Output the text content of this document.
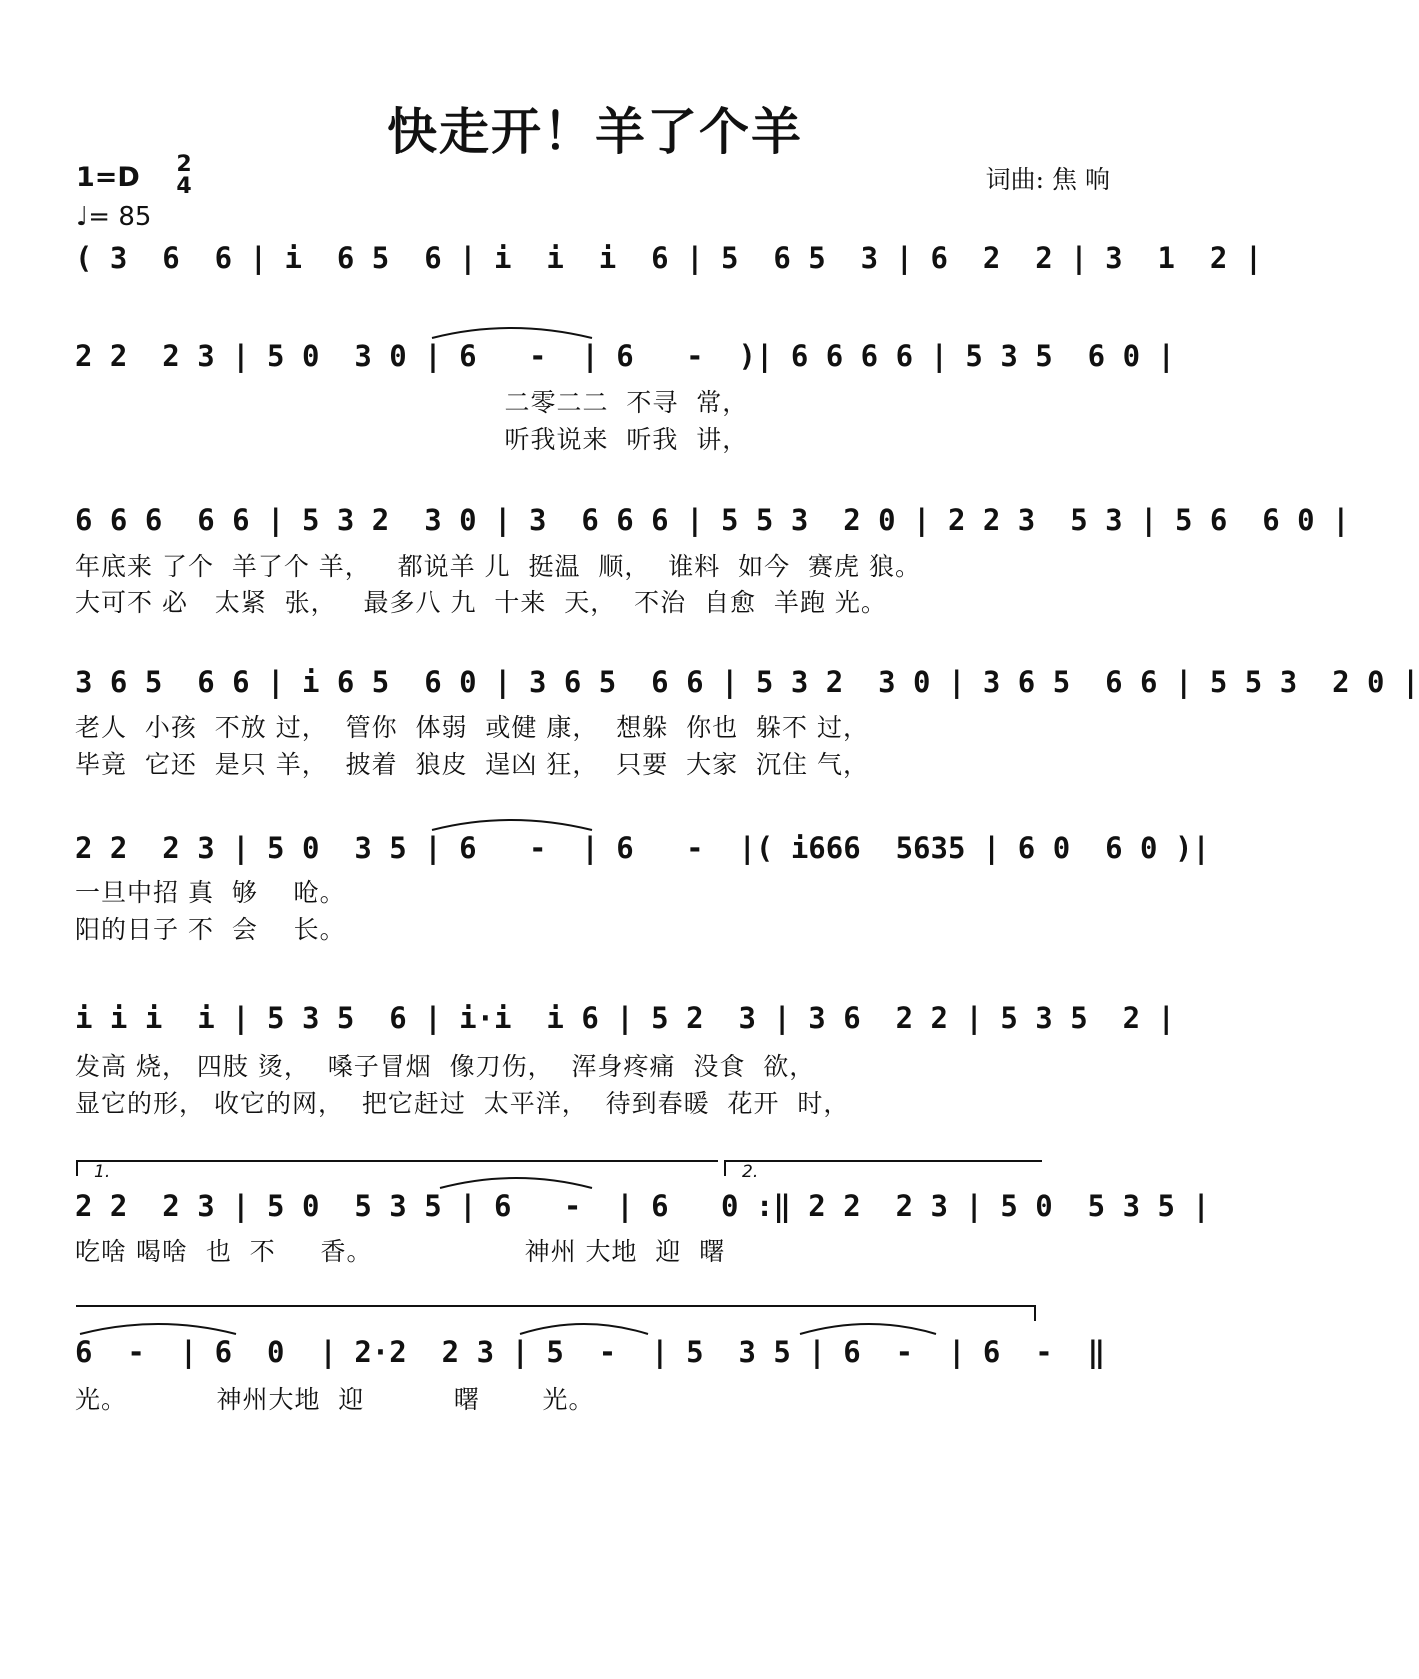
快走开！羊了个羊
词曲: 焦 响
1=D 2
4
♩= 85
( 3  6  6 | i  6 5  6 | i  i  i  6 | 5  6 5  3 | 6  2  2 | 3  1  2 |
2 2  2 3 | 5 0  3 0 | 6   -  | 6   -  )| 6 6 6 6 | 5 3 5  6 0 |
二零二二  不寻  常，
听我说来  听我  讲，
6 6 6  6 6 | 5 3 2  3 0 | 3  6 6 6 | 5 5 3  2 0 | 2 2 3  5 3 | 5 6  6 0 |
年底来 了个  羊了个 羊，   都说羊 儿  挺温  顺，  谁料  如今  赛虎 狼。
大可不 必   太紧  张，   最多八 九  十来  天，  不治  自愈  羊跑 光。
3 6 5  6 6 | i 6 5  6 0 | 3 6 5  6 6 | 5 3 2  3 0 | 3 6 5  6 6 | 5 5 3  2 0 |
老人  小孩  不放 过，  管你  体弱  或健 康，  想躲  你也  躲不 过，
毕竟  它还  是只 羊，  披着  狼皮  逞凶 狂，  只要  大家  沉住 气，
2 2  2 3 | 5 0  3 5 | 6   -  | 6   -  |( i666  5635 | 6 0  6 0 )|
一旦中招 真  够    呛。
阳的日子 不  会    长。
i i i  i | 5 3 5  6 | i·i  i 6 | 5 2  3 | 3 6  2 2 | 5 3 5  2 |
发高 烧， 四肢 烫，  嗓子冒烟  像刀伤，  浑身疼痛  没食  欲，
显它的形， 收它的网，  把它赶过  太平洋，  待到春暖  花开  时，
1.	2.
2 2  2 3 | 5 0  5 3 5 | 6   -  | 6   0 :‖ 2 2  2 3 | 5 0  5 3 5 |
吃啥 喝啥  也  不     香。                 神州 大地  迎  曙
6  -  | 6  0  | 2·2  2 3 | 5  -  | 5  3 5 | 6  -  | 6  -  ‖
光。          神州大地  迎          曙       光。
